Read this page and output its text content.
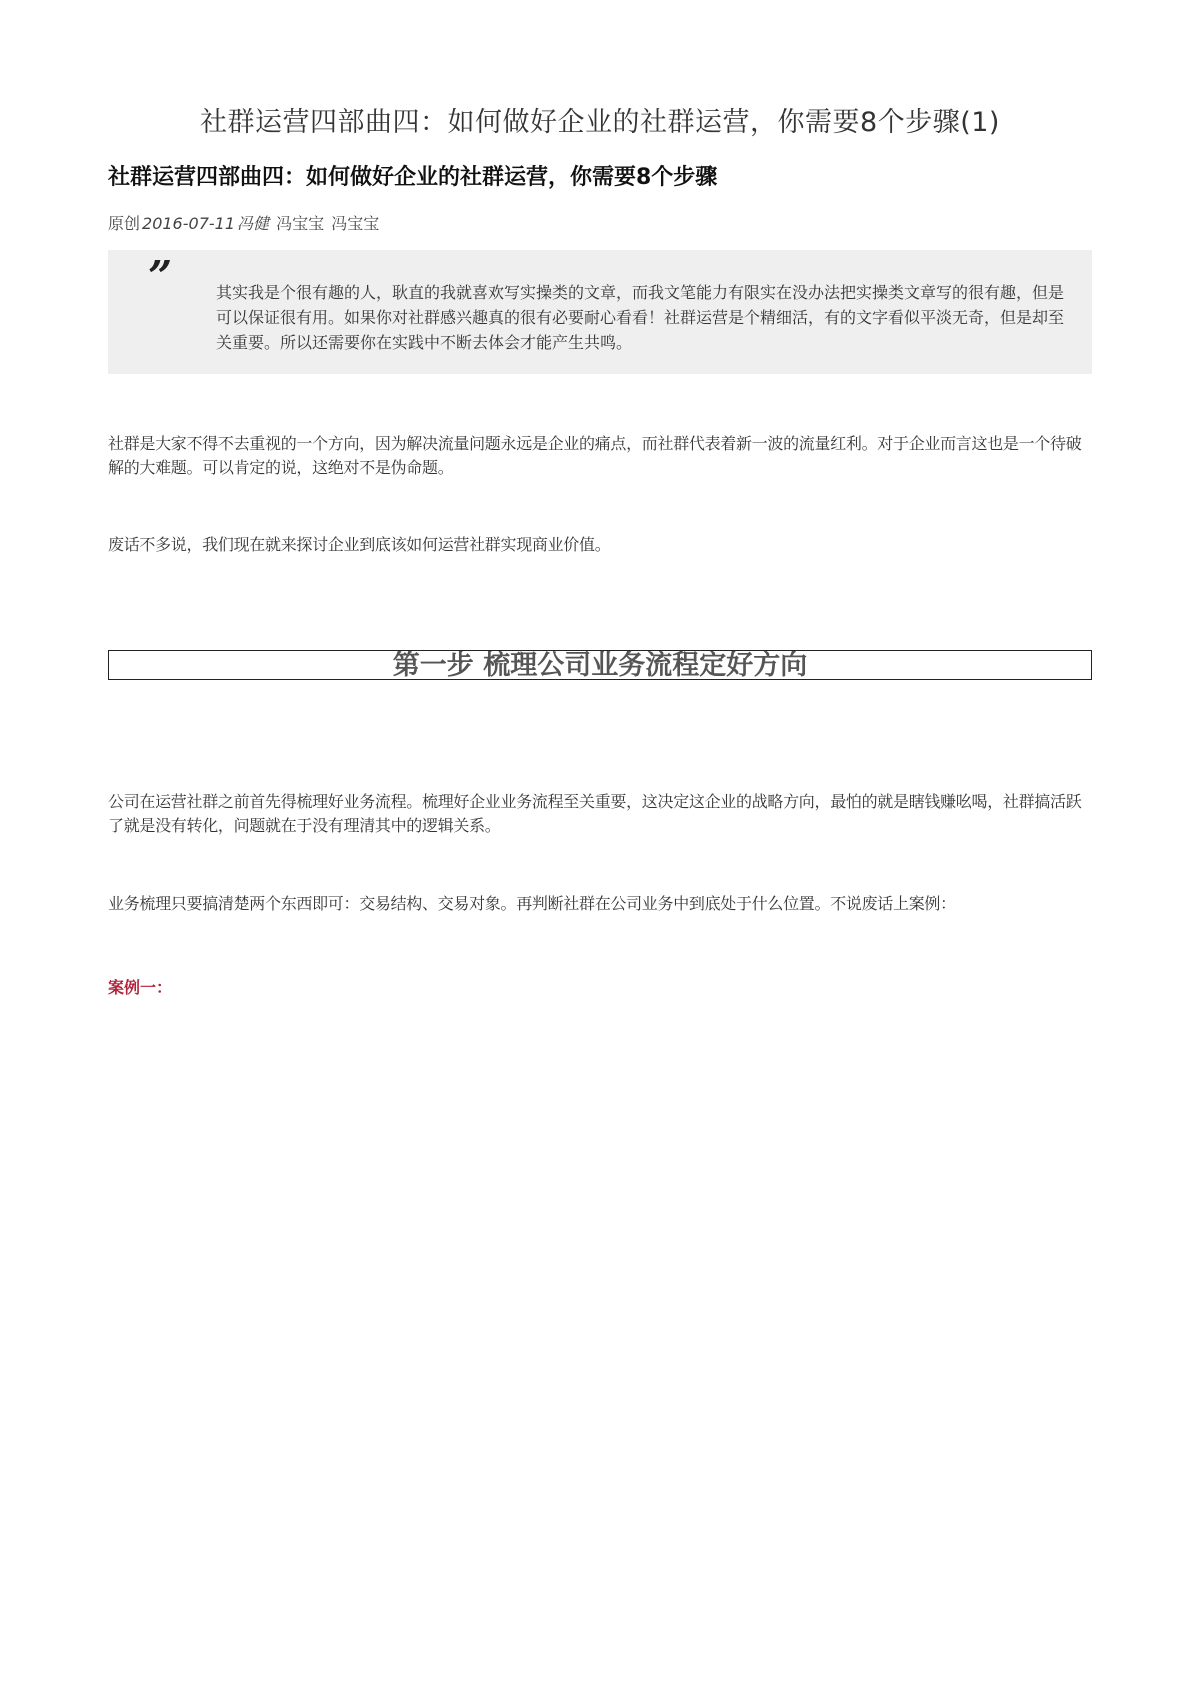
社群运营四部曲四：如何做好企业的社群运营，你需要8个步骤(1)
社群运营四部曲四：如何做好企业的社群运营，你需要8个步骤
原创 2016-07-11 冯健 冯宝宝 冯宝宝
”	其实我是个很有趣的人，耿直的我就喜欢写实操类的文章，而我文笔能力有限实在没办法把实操类文章写的很有趣，但是可以保证很有用。如果你对社群感兴趣真的很有必要耐心看看！社群运营是个精细活，有的文字看似平淡无奇，但是却至关重要。所以还需要你在实践中不断去体会才能产生共鸣。

社群是大家不得不去重视的一个方向，因为解决流量问题永远是企业的痛点，而社群代表着新一波的流量红利。对于企业而言这也是一个待破解的大难题。可以肯定的说，这绝对不是伪命题。

废话不多说，我们现在就来探讨企业到底该如何运营社群实现商业价值。

第一步 梳理公司业务流程定好方向

公司在运营社群之前首先得梳理好业务流程。梳理好企业业务流程至关重要，这决定这企业的战略方向，最怕的就是瞎钱赚吆喝，社群搞活跃了就是没有转化，问题就在于没有理清其中的逻辑关系。

业务梳理只要搞清楚两个东西即可：交易结构、交易对象。再判断社群在公司业务中到底处于什么位置。不说废话上案例：

案例一：
